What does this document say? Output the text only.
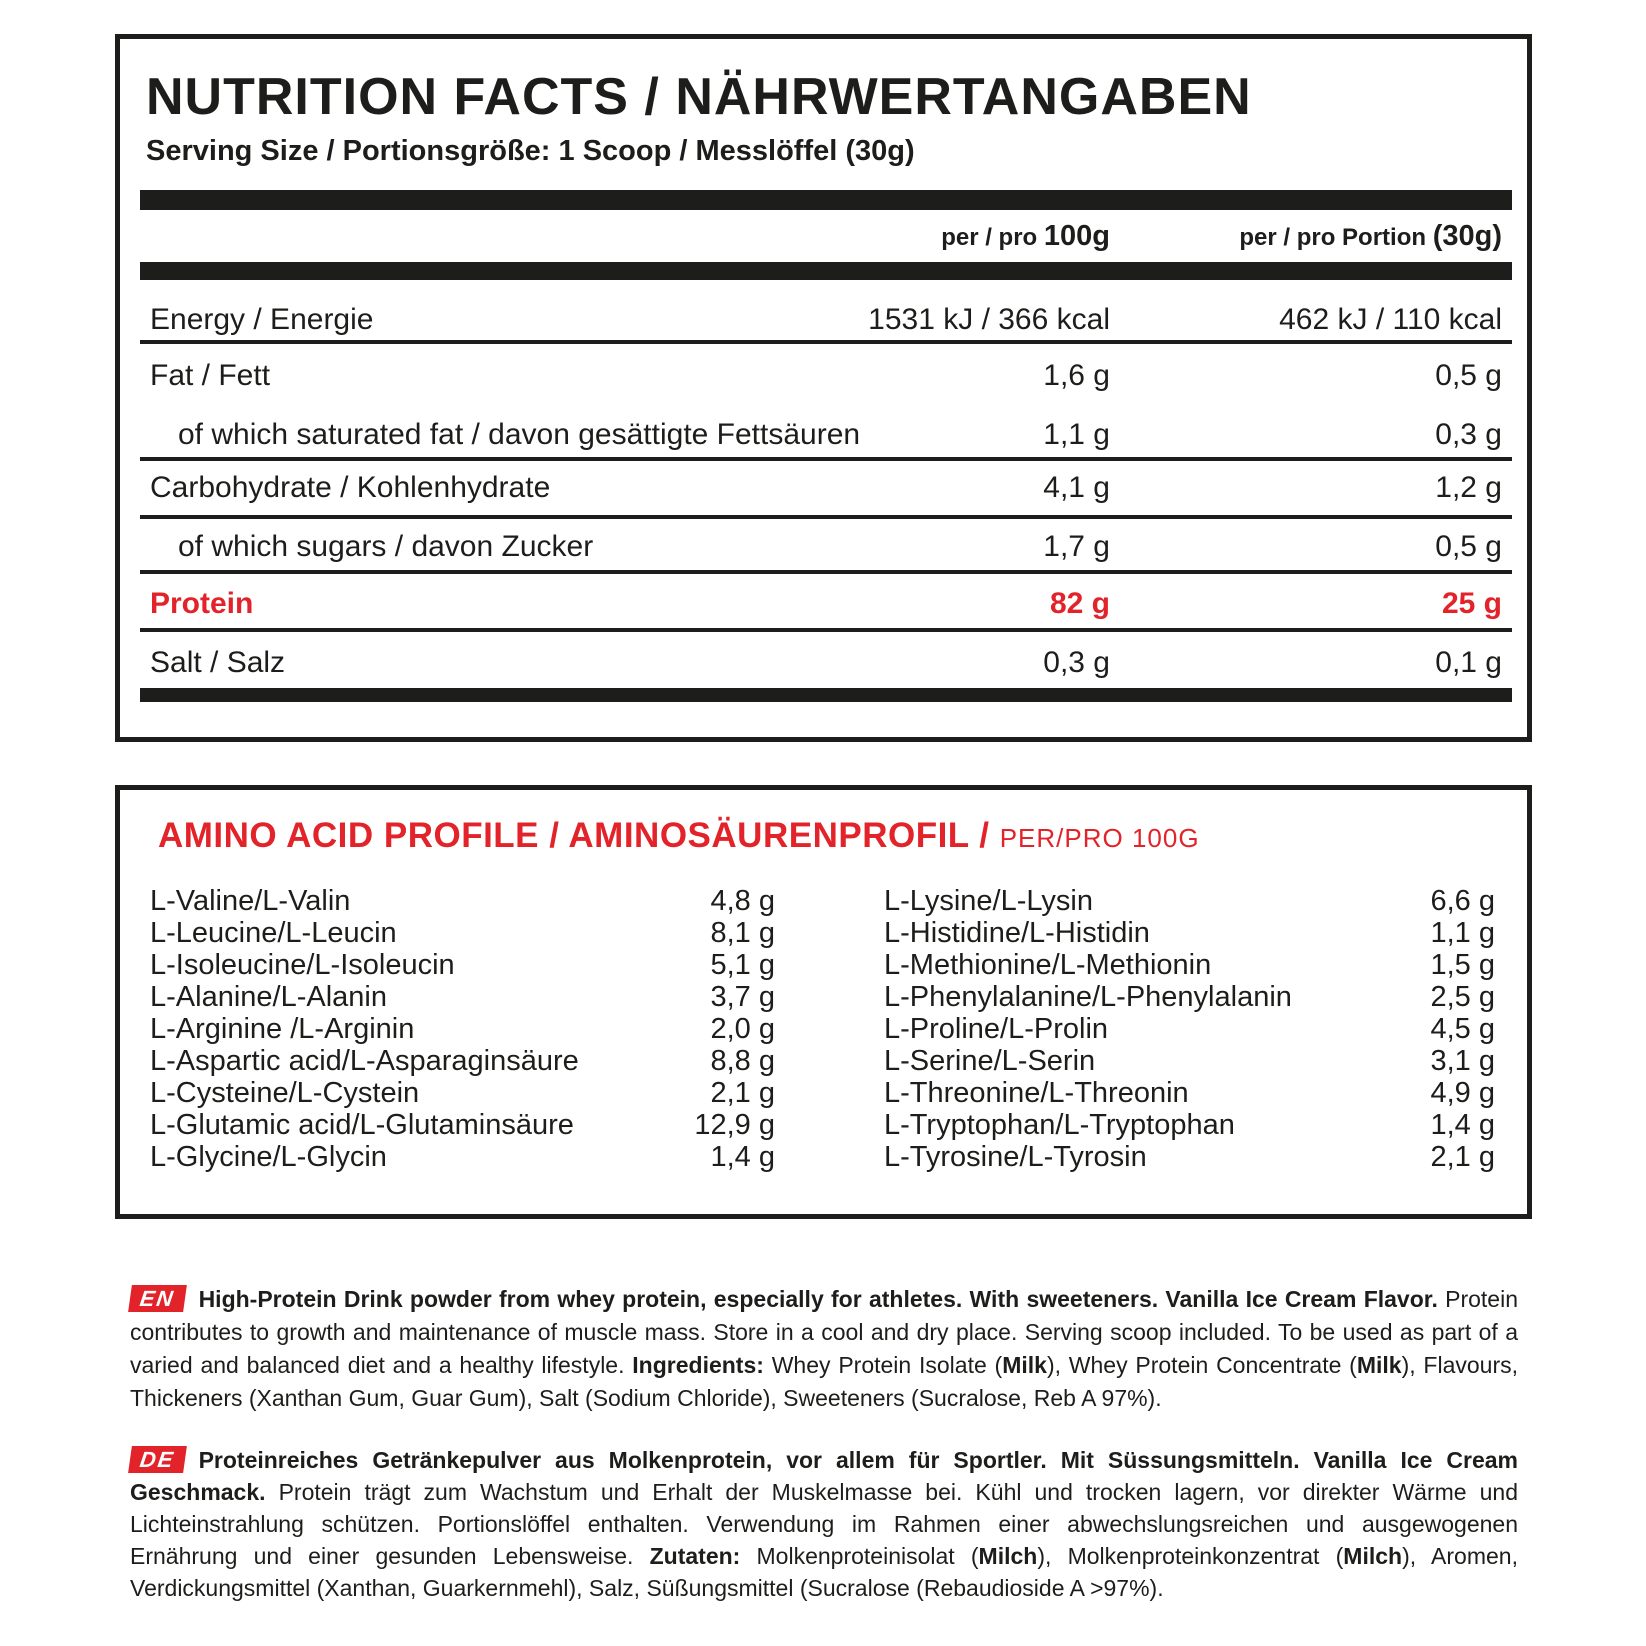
NUTRITION FACTS / NÄHRWERTANGABEN
Serving Size / Portionsgröße: 1 Scoop / Messlöffel (30g)
per / pro 100g	per / pro Portion (30g)
Energy / Energie	1531 kJ / 366 kcal	462 kJ / 110 kcal
Fat / Fett	1,6 g	0,5 g
of which saturated fat / davon gesättigte Fettsäuren	1,1 g	0,3 g
Carbohydrate / Kohlenhydrate	4,1 g	1,2 g
of which sugars / davon Zucker	1,7 g	0,5 g
Protein	82 g	25 g
Salt / Salz	0,3 g	0,1 g
AMINO ACID PROFILE / AMINOSÄURENPROFIL / PER/PRO 100G
L-Valine/L-Valin	4,8 g
L-Leucine/L-Leucin	8,1 g
L-Isoleucine/L-Isoleucin	5,1 g
L-Alanine/L-Alanin	3,7 g
L-Arginine /L-Arginin	2,0 g
L-Aspartic acid/L-Asparaginsäure	8,8 g
L-Cysteine/L-Cystein	2,1 g
L-Glutamic acid/L-Glutaminsäure	12,9 g
L-Glycine/L-Glycin	1,4 g
L-Lysine/L-Lysin	6,6 g
L-Histidine/L-Histidin	1,1 g
L-Methionine/L-Methionin	1,5 g
L-Phenylalanine/L-Phenylalanin	2,5 g
L-Proline/L-Prolin	4,5 g
L-Serine/L-Serin	3,1 g
L-Threonine/L-Threonin	4,9 g
L-Tryptophan/L-Tryptophan	1,4 g
L-Tyrosine/L-Tyrosin	2,1 g
EN High-Protein Drink powder from whey protein, especially for athletes. With sweeteners. Vanilla Ice Cream Flavor. Protein contributes to growth and maintenance of muscle mass. Store in a cool and dry place. Serving scoop included. To be used as part of a varied and balanced diet and a healthy lifestyle. Ingredients: Whey Protein Isolate (Milk), Whey Protein Concentrate (Milk), Flavours, Thickeners (Xanthan Gum, Guar Gum), Salt (Sodium Chloride), Sweeteners (Sucralose, Reb A 97%).
DE Proteinreiches Getränkepulver aus Molkenprotein, vor allem für Sportler. Mit Süssungsmitteln. Vanilla Ice Cream Geschmack. Protein trägt zum Wachstum und Erhalt der Muskelmasse bei. Kühl und trocken lagern, vor direkter Wärme und Lichteinstrahlung schützen. Portionslöffel enthalten. Verwendung im Rahmen einer abwechslungsreichen und ausgewogenen Ernährung und einer gesunden Lebensweise. Zutaten: Molkenproteinisolat (Milch), Molkenproteinkonzentrat (Milch), Aromen, Verdickungsmittel (Xanthan, Guarkernmehl), Salz, Süßungsmittel (Sucralose (Rebaudioside A >97%).
